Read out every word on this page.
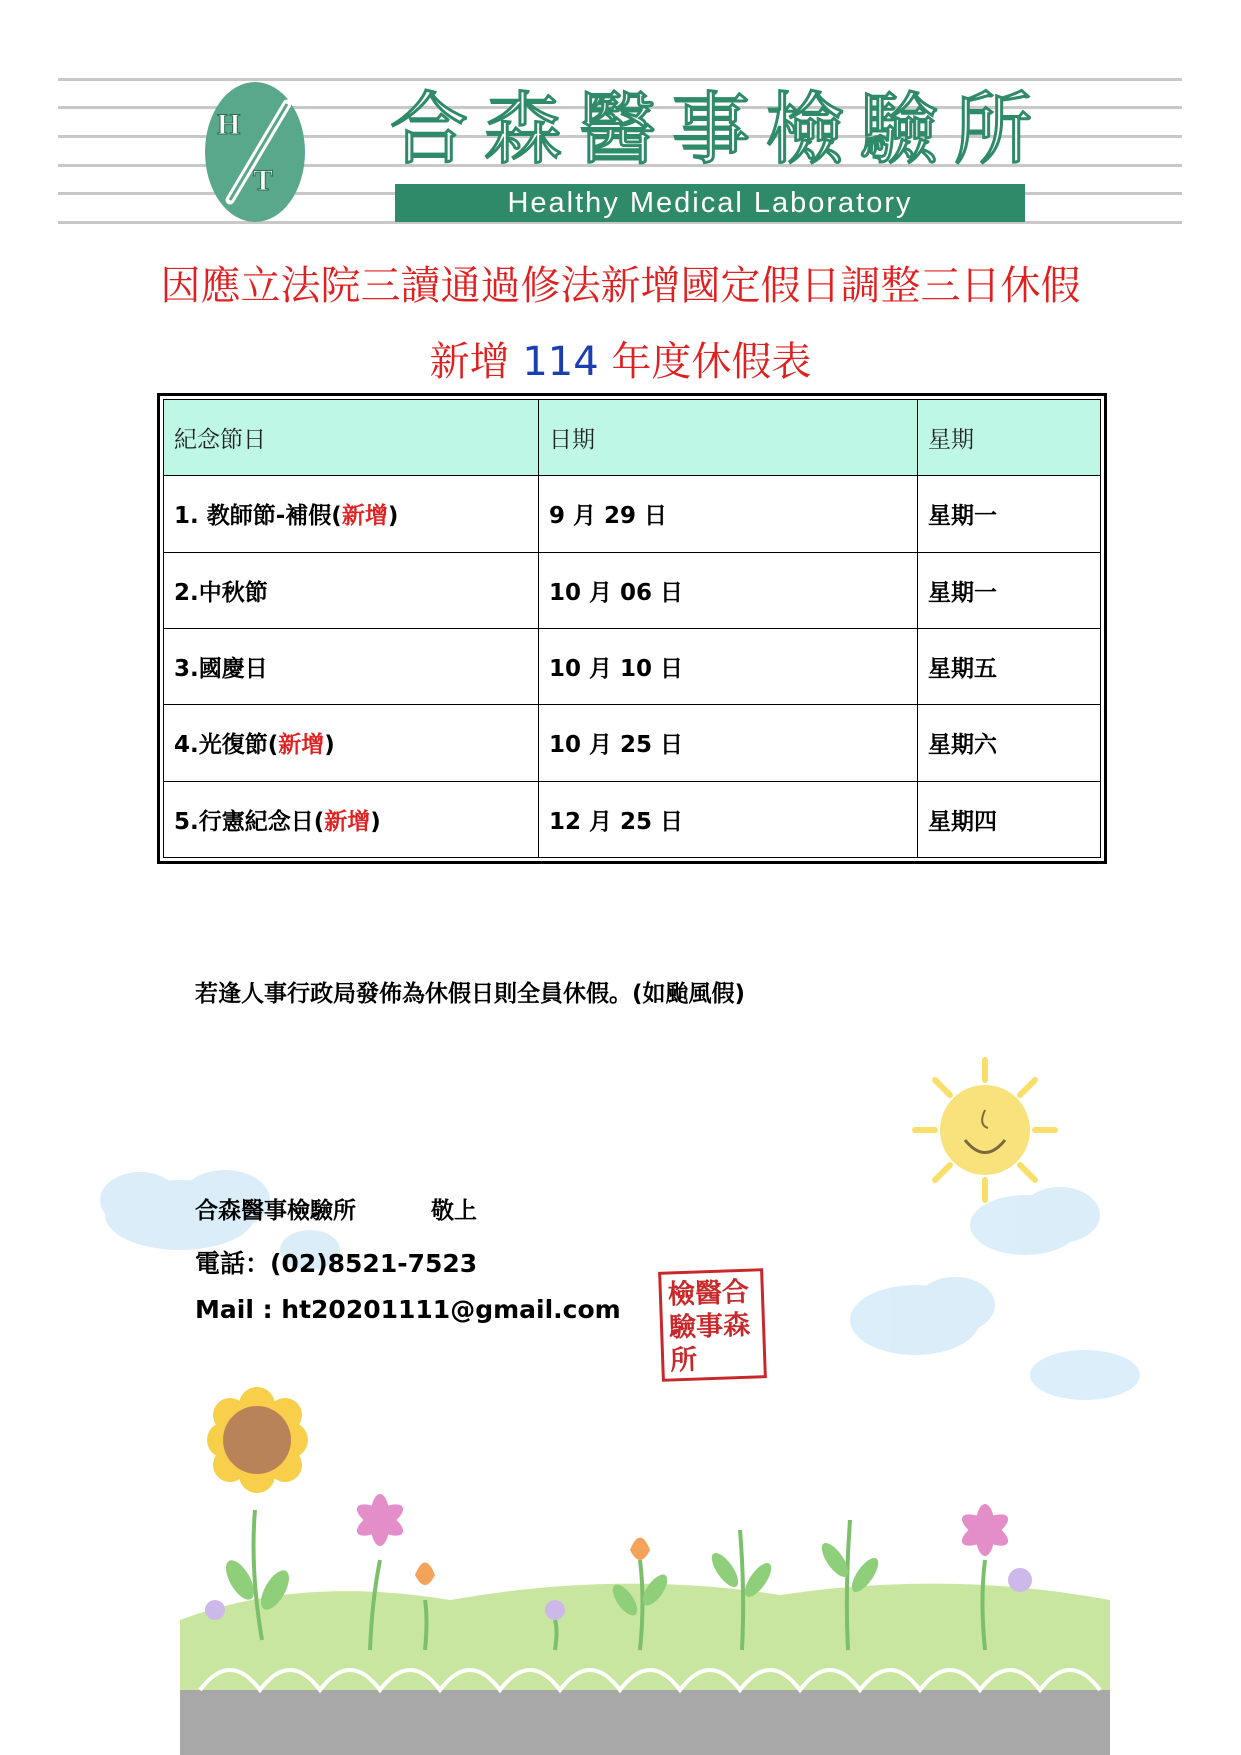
H
T
合森醫事檢驗所
Healthy Medical Laboratory
因應立法院三讀通過修法新增國定假日調整三日休假
新增 114 年度休假表
紀念節日	日期	星期
1. 教師節-補假(新增)	9 月 29 日	星期一
2.中秋節	10 月 06 日	星期一
3.國慶日	10 月 10 日	星期五
4.光復節(新增)	10 月 25 日	星期六
5.行憲紀念日(新增)	12 月 25 日	星期四
若逢人事行政局發佈為休假日則全員休假。(如颱風假)
合森醫事檢驗所	敬上
電話：(02)8521-7523
Mail : ht20201111@gmail.com 檢醫合
驗事森
所　　
